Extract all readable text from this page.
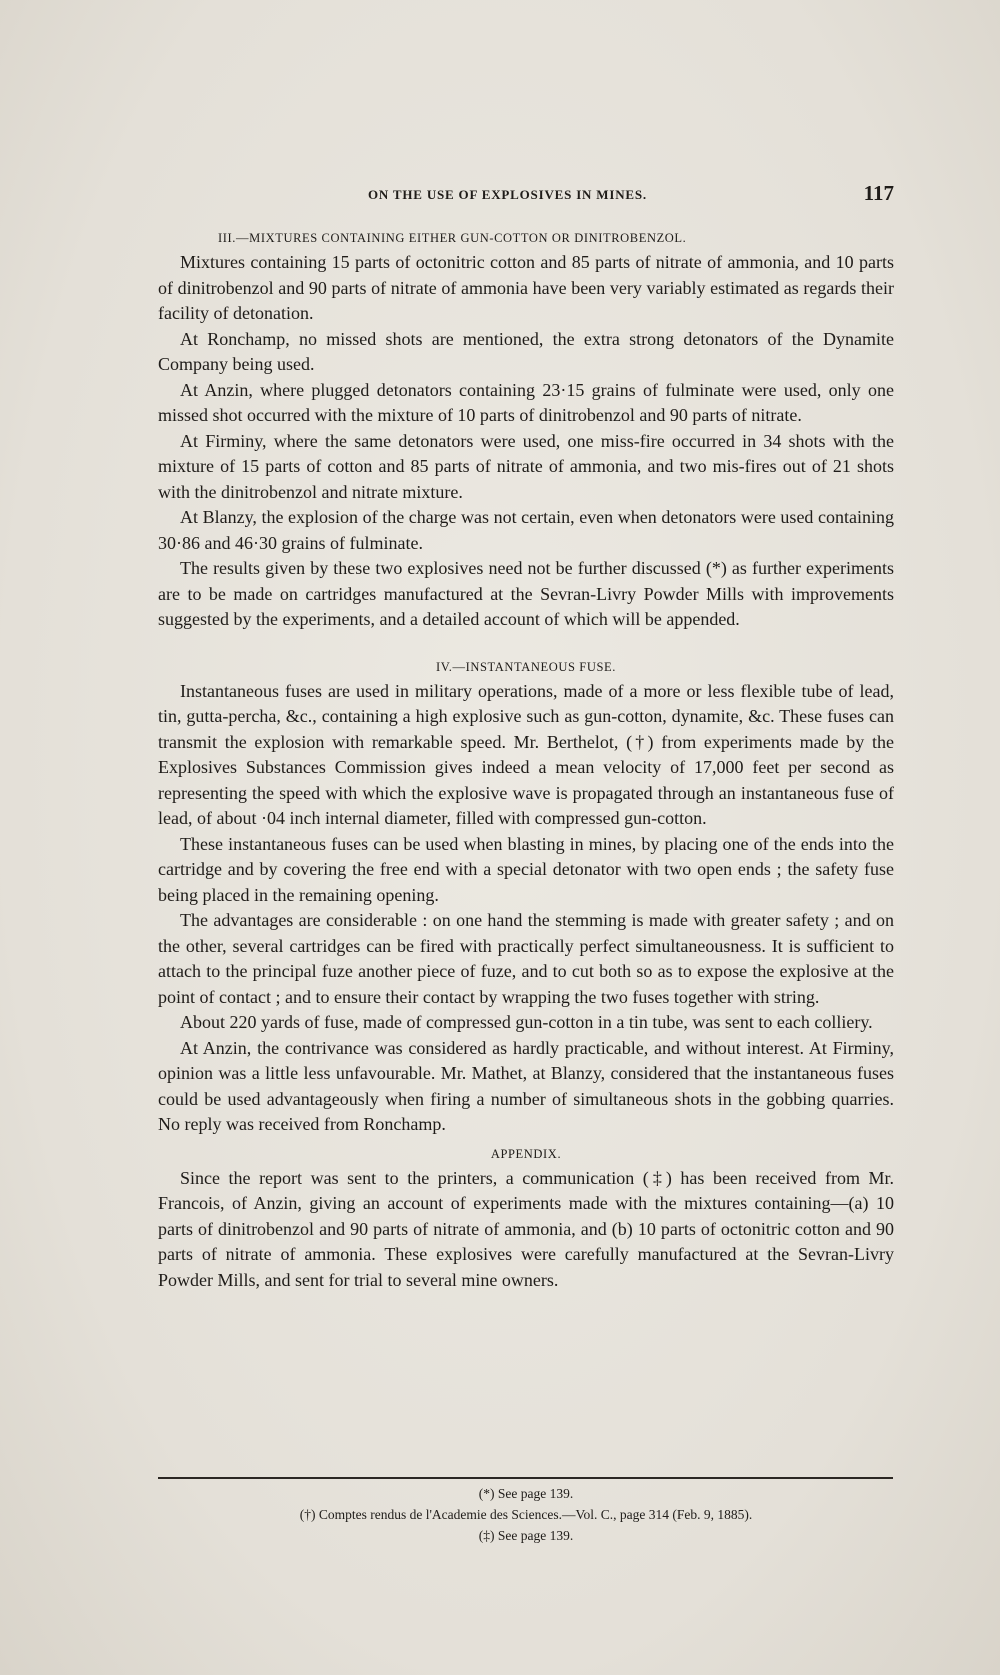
ON THE USE OF EXPLOSIVES IN MINES.	117
III.—MIXTURES CONTAINING EITHER GUN-COTTON OR DINITROBENZOL.

Mixtures containing 15 parts of octonitric cotton and 85 parts of nitrate of ammonia, and 10 parts of dinitrobenzol and 90 parts of nitrate of ammonia have been very variably estimated as regards their facility of detonation.

At Ronchamp, no missed shots are mentioned, the extra strong detonators of the Dynamite Company being used.

At Anzin, where plugged detonators containing 23·15 grains of fulminate were used, only one missed shot occurred with the mixture of 10 parts of dinitrobenzol and 90 parts of nitrate.

At Firminy, where the same detonators were used, one miss-fire occurred in 34 shots with the mixture of 15 parts of cotton and 85 parts of nitrate of ammonia, and two mis-fires out of 21 shots with the dinitrobenzol and nitrate mixture.

At Blanzy, the explosion of the charge was not certain, even when detonators were used containing 30·86 and 46·30 grains of fulminate.

The results given by these two explosives need not be further discussed (*) as further experiments are to be made on cartridges manufactured at the Sevran-Livry Powder Mills with improvements suggested by the experiments, and a detailed account of which will be appended.

IV.—INSTANTANEOUS FUSE.

Instantaneous fuses are used in military operations, made of a more or less flexible tube of lead, tin, gutta-percha, &c., containing a high explosive such as gun-cotton, dynamite, &c. These fuses can transmit the explosion with remarkable speed. Mr. Berthelot, (†) from experiments made by the Explosives Substances Commission gives indeed a mean velocity of 17,000 feet per second as representing the speed with which the explosive wave is propagated through an instantaneous fuse of lead, of about ·04 inch internal diameter, filled with compressed gun-cotton.

These instantaneous fuses can be used when blasting in mines, by placing one of the ends into the cartridge and by covering the free end with a special detonator with two open ends ; the safety fuse being placed in the remaining opening.

The advantages are considerable : on one hand the stemming is made with greater safety ; and on the other, several cartridges can be fired with practically perfect simultaneousness. It is sufficient to attach to the principal fuze another piece of fuze, and to cut both so as to expose the explosive at the point of contact ; and to ensure their contact by wrapping the two fuses together with string.

About 220 yards of fuse, made of compressed gun-cotton in a tin tube, was sent to each colliery.

At Anzin, the contrivance was considered as hardly practicable, and without interest. At Firminy, opinion was a little less unfavourable. Mr. Mathet, at Blanzy, considered that the instantaneous fuses could be used advantageously when firing a number of simultaneous shots in the gobbing quarries. No reply was received from Ronchamp.

APPENDIX.

Since the report was sent to the printers, a communication (‡) has been received from Mr. Francois, of Anzin, giving an account of experiments made with the mixtures containing—(a) 10 parts of dinitrobenzol and 90 parts of nitrate of ammonia, and (b) 10 parts of octonitric cotton and 90 parts of nitrate of ammonia. These explosives were carefully manufactured at the Sevran-Livry Powder Mills, and sent for trial to several mine owners.

(*) See page 139.
(†) Comptes rendus de l'Academie des Sciences.—Vol. C., page 314 (Feb. 9, 1885).
(‡) See page 139.
